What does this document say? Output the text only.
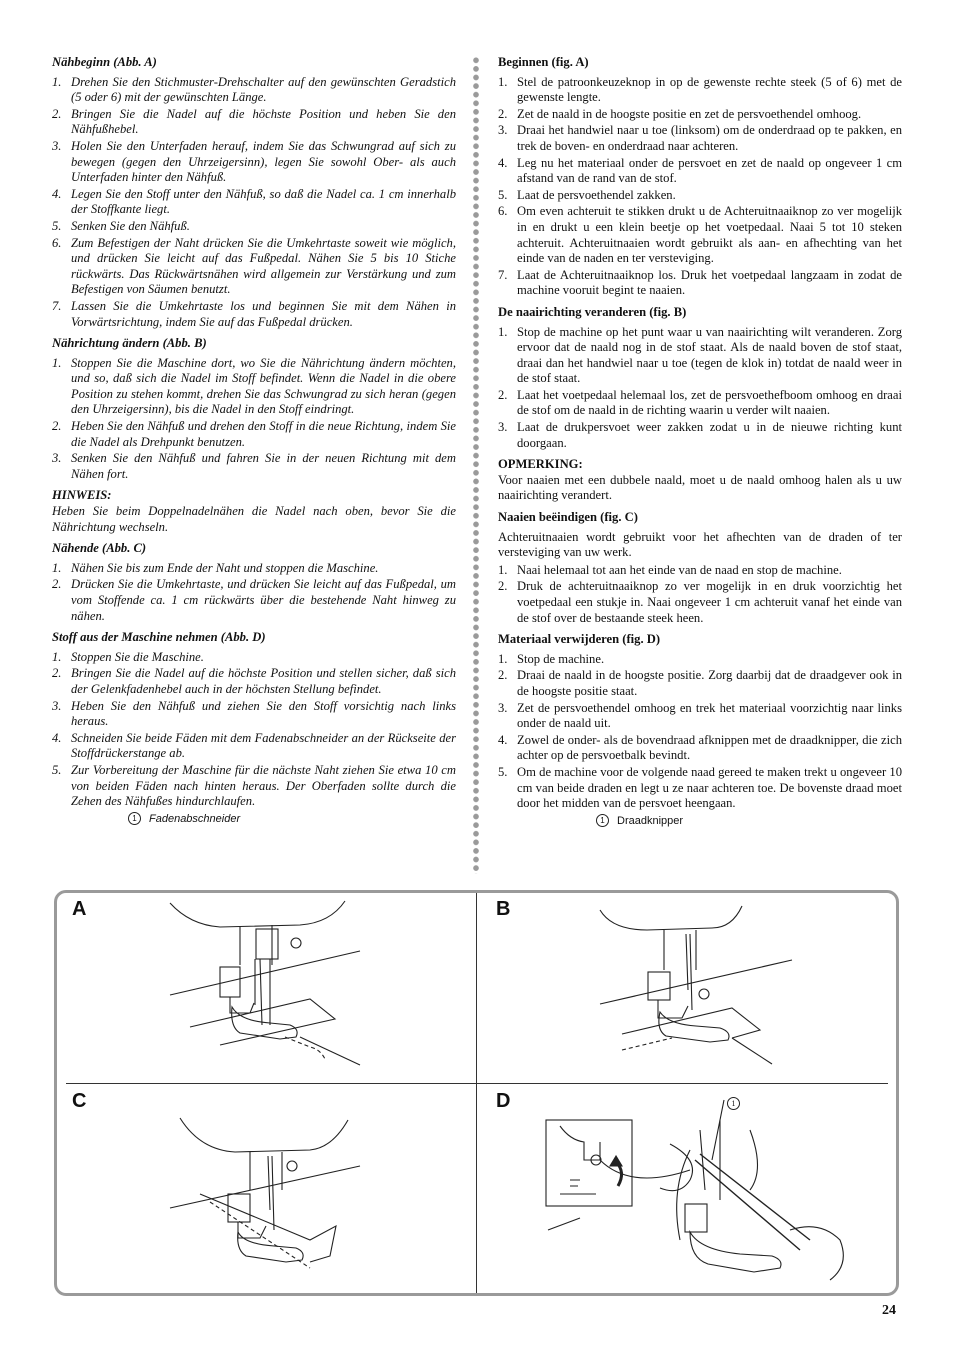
Nähbeginn (Abb. A)
1. Drehen Sie den Stichmuster-Drehschalter auf den gewünschten Geradstich (5 oder 6) mit der gewünschten Länge.
2. Bringen Sie die Nadel auf die höchste Position und heben Sie den Nähfußhebel.
3. Holen Sie den Unterfaden herauf, indem Sie das Schwungrad auf sich zu bewegen (gegen den Uhrzeigersinn), legen Sie sowohl Ober- als auch Unterfaden hinter den Nähfuß.
4. Legen Sie den Stoff unter den Nähfuß, so daß die Nadel ca. 1 cm innerhalb der Stoffkante liegt.
5. Senken Sie den Nähfuß.
6. Zum Befestigen der Naht drücken Sie die Umkehrtaste soweit wie möglich, und drücken Sie leicht auf das Fußpedal. Nähen Sie 5 bis 10 Stiche rückwärts. Das Rückwärtsnähen wird allgemein zur Verstärkung und zum Befestigen von Säumen benutzt.
7. Lassen Sie die Umkehrtaste los und beginnen Sie mit dem Nähen in Vorwärtsrichtung, indem Sie auf das Fußpedal drücken.
Nährichtung ändern (Abb. B)
1. Stoppen Sie die Maschine dort, wo Sie die Nährichtung ändern möchten, und so, daß sich die Nadel im Stoff befindet. Wenn die Nadel in die obere Position zu stehen kommt, drehen Sie das Schwungrad zu sich heran (gegen den Uhrzeigersinn), bis die Nadel in den Stoff eindringt.
2. Heben Sie den Nähfuß und drehen den Stoff in die neue Richtung, indem Sie die Nadel als Drehpunkt benutzen.
3. Senken Sie den Nähfuß und fahren Sie in der neuen Richtung mit dem Nähen fort.
HINWEIS:
Heben Sie beim Doppelnadelnähen die Nadel nach oben, bevor Sie die Nährichtung wechseln.
Nähende (Abb. C)
1. Nähen Sie bis zum Ende der Naht und stoppen die Maschine.
2. Drücken Sie die Umkehrtaste, und drücken Sie leicht auf das Fußpedal, um vom Stoffende ca. 1 cm rückwärts über die bestehende Naht hinweg zu nähen.
Stoff aus der Maschine nehmen (Abb. D)
1. Stoppen Sie die Maschine.
2. Bringen Sie die Nadel auf die höchste Position und stellen sicher, daß sich der Gelenkfadenhebel auch in der höchsten Stellung befindet.
3. Heben Sie den Nähfuß und ziehen Sie den Stoff vorsichtig nach links heraus.
4. Schneiden Sie beide Fäden mit dem Fadenabschneider an der Rückseite der Stoffdrückerstange ab.
5. Zur Vorbereitung der Maschine für die nächste Naht ziehen Sie etwa 10 cm von beiden Fäden nach hinten heraus. Der Oberfaden sollte durch die Zehen des Nähfußes hindurchlaufen.
1 Fadenabschneider
Beginnen (fig. A)
1. Stel de patroonkeuzeknop in op de gewenste rechte steek (5 of 6) met de gewenste lengte.
2. Zet de naald in de hoogste positie en zet de persvoethendel omhoog.
3. Draai het handwiel naar u toe (linksom) om de onderdraad op te pakken, en trek de boven- en onderdraad naar achteren.
4. Leg nu het materiaal onder de persvoet en zet de naald op ongeveer 1 cm afstand van de rand van de stof.
5. Laat de persvoethendel zakken.
6. Om even achteruit te stikken drukt u de Achteruitnaaiknop zo ver mogelijk in en drukt u een klein beetje op het voetpedaal. Naai 5 tot 10 steken achteruit. Achteruitnaaien wordt gebruikt als aan- en afhechting van het einde van de naden en ter versteviging.
7. Laat de Achteruitnaaiknop los. Druk het voetpedaal langzaam in zodat de machine vooruit begint te naaien.
De naairichting veranderen (fig. B)
1. Stop de machine op het punt waar u van naairichting wilt veranderen. Zorg ervoor dat de naald nog in de stof staat. Als de naald boven de stof staat, draai dan het handwiel naar u toe (tegen de klok in) totdat de naald weer in de stof staat.
2. Laat het voetpedaal helemaal los, zet de persvoethefboom omhoog en draai de stof om de naald in de richting waarin u verder wilt naaien.
3. Laat de drukpersvoet weer zakken zodat u in de nieuwe richting kunt doorgaan.
OPMERKING:
Voor naaien met een dubbele naald, moet u de naald omhoog halen als u uw naairichting verandert.
Naaien beëindigen (fig. C)
Achteruitnaaien wordt gebruikt voor het afhechten van de draden of ter versteviging van uw werk.
1. Naai helemaal tot aan het einde van de naad en stop de machine.
2. Druk de achteruitnaaiknop zo ver mogelijk in en druk voorzichtig het voetpedaal een stukje in. Naai ongeveer 1 cm achteruit vanaf het einde van de stof over de bestaande steek heen.
Materiaal verwijderen (fig. D)
1. Stop de machine.
2. Draai de naald in de hoogste positie. Zorg daarbij dat de draadgever ook in de hoogste positie staat.
3. Zet de persvoethendel omhoog en trek het materiaal voorzichtig naar links onder de naald uit.
4. Zowel de onder- als de bovendraad afknippen met de draadknipper, die zich achter op de persvoetbalk bevindt.
5. Om de machine voor de volgende naad gereed te maken trekt u ongeveer 10 cm van beide draden en legt u ze naar achteren toe. De bovenste draad moet door het midden van de persvoet heengaan.
1 Draadknipper
A	B
C	D	1
24
